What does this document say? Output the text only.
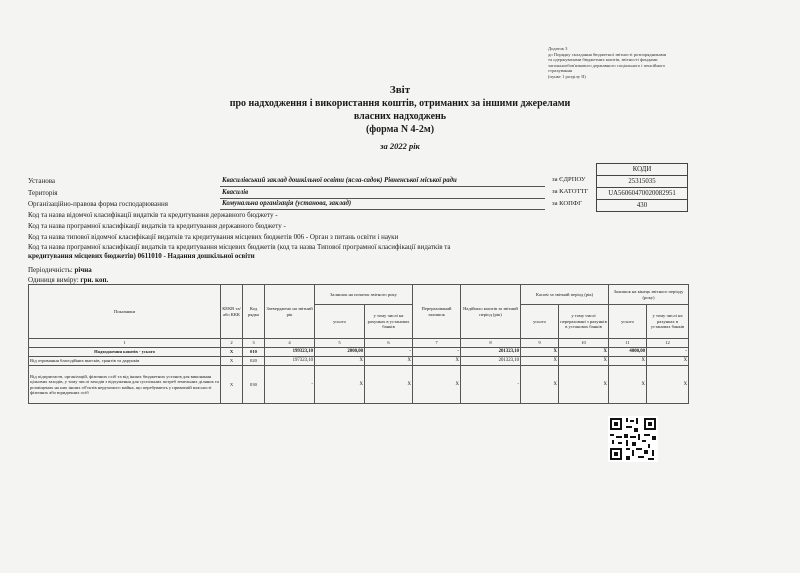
Додаток 3
до Порядку складання бюджетної звітності розпорядниками
та одержувачами бюджетних коштів, звітності фондами
загальнообов'язкового державного соціального і пенсійного
страхування
(пункт 1 розділу II)
Звіт
про надходження і використання коштів, отриманих за іншими джерелами
власних надходжень
(форма N 4-2м)
за 2022 рік
КОДИ
25315035
UA56060470020082951
430
за ЄДРПОУ
за КАТОТТГ
за КОПФГ
Установа	Квасилівський заклад дошкільної освіти (ясла-садок) Рівненської міської ради
Територія	Квасилів
Організаційно-правова форма господарювання	Комунальна організація (установа, заклад)
Код та назва відомчої класифікації видатків та кредитування державного бюджету -
Код та назва програмної класифікації видатків та кредитування державного бюджету -
Код та назва типової відомчої класифікації видатків та кредитування місцевих бюджетів 006 - Орган з питань освіти і науки
Код та назва програмної класифікації видатків та кредитування місцевих бюджетів (код та назва Типової програмної класифікації видатків та
кредитування місцевих бюджетів) 0611010 - Надання дошкільної освіти
Періодичність: річна
Одиниця виміру: грн. коп.
Показники	КЕКВ та/або ККК	Код рядка	Затверджено на звітний рік	Залишок на початок звітного року		Перерахований залишок	Надійшло коштів за звітний період (рік)	Касові за звітний період (рік)		Залишок на кінець звітного періоду (року)	
				усього	у тому числі на рахунках в установах банків			усього	у тому числі перераховані з рахунків в установах банків	усього	у тому числі на рахунках в установах банків
1	2	3	4	5	6	7	8	9	10	11	12
Надходження коштів - усього	Х	010	199323,10	2000,00	-	-	201323,10	Х	Х	4000,00	-
Від отримання благодійних внесків, грантів та дарунків	Х	020	197323,10	Х	Х	Х	201323,10	Х	Х	Х	Х
Від підприємств, організацій, фізичних осіб та від інших бюджетних установ для виконання цільових заходів, у тому числі заходів з відчуження для суспільних потреб земельних ділянок та розміщених на них інших об'єктів нерухомого майна, що перебувають у приватній власності фізичних або юридичних осіб	Х	030	-	Х	Х	Х	-	Х	Х	Х	Х
